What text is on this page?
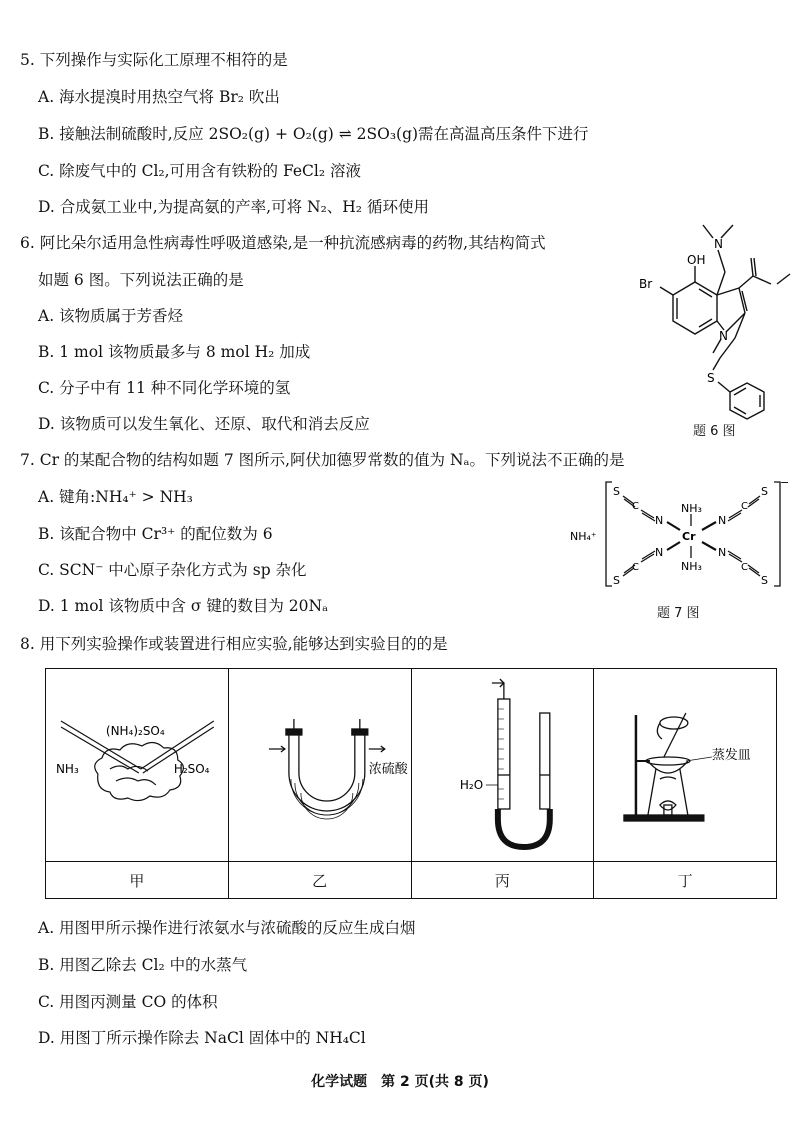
5. 下列操作与实际化工原理不相符的是
A. 海水提溴时用热空气将 Br₂ 吹出
B. 接触法制硫酸时,反应 2SO₂(g) + O₂(g) ⇌ 2SO₃(g)需在高温高压条件下进行
C. 除废气中的 Cl₂,可用含有铁粉的 FeCl₂ 溶液
D. 合成氨工业中,为提高氨的产率,可将 N₂、H₂ 循环使用
6. 阿比朵尔适用急性病毒性呼吸道感染,是一种抗流感病毒的药物,其结构简式
如题 6 图。下列说法正确的是
A. 该物质属于芳香烃
B. 1 mol 该物质最多与 8 mol H₂ 加成
C. 分子中有 11 种不同化学环境的氢
D. 该物质可以发生氧化、还原、取代和消去反应
OH
Br
N
N
S
题 6 图
7. Cr 的某配合物的结构如题 7 图所示,阿伏加德罗常数的值为 Nₐ。下列说法不正确的是
A. 键角:NH₄⁺ > NH₃
B. 该配合物中 Cr³⁺ 的配位数为 6
C. SCN⁻ 中心原子杂化方式为 sp 杂化
D. 1 mol 该物质中含 σ 键的数目为 20Nₐ
NH₄⁺	Cr
NH₃
NH₃
N	N
N	N
C	C
C	C
S	S
S	S
−
题 7 图
8. 用下列实验操作或装置进行相应实验,能够达到实验目的的是
(NH₄)₂SO₄
NH₃ H₂SO₄	浓硫酸	H₂O	蒸发皿

甲	乙	丙	丁
A. 用图甲所示操作进行浓氨水与浓硫酸的反应生成白烟
B. 用图乙除去 Cl₂ 中的水蒸气
C. 用图丙测量 CO 的体积
D. 用图丁所示操作除去 NaCl 固体中的 NH₄Cl
化学试题　第 2 页(共 8 页)
